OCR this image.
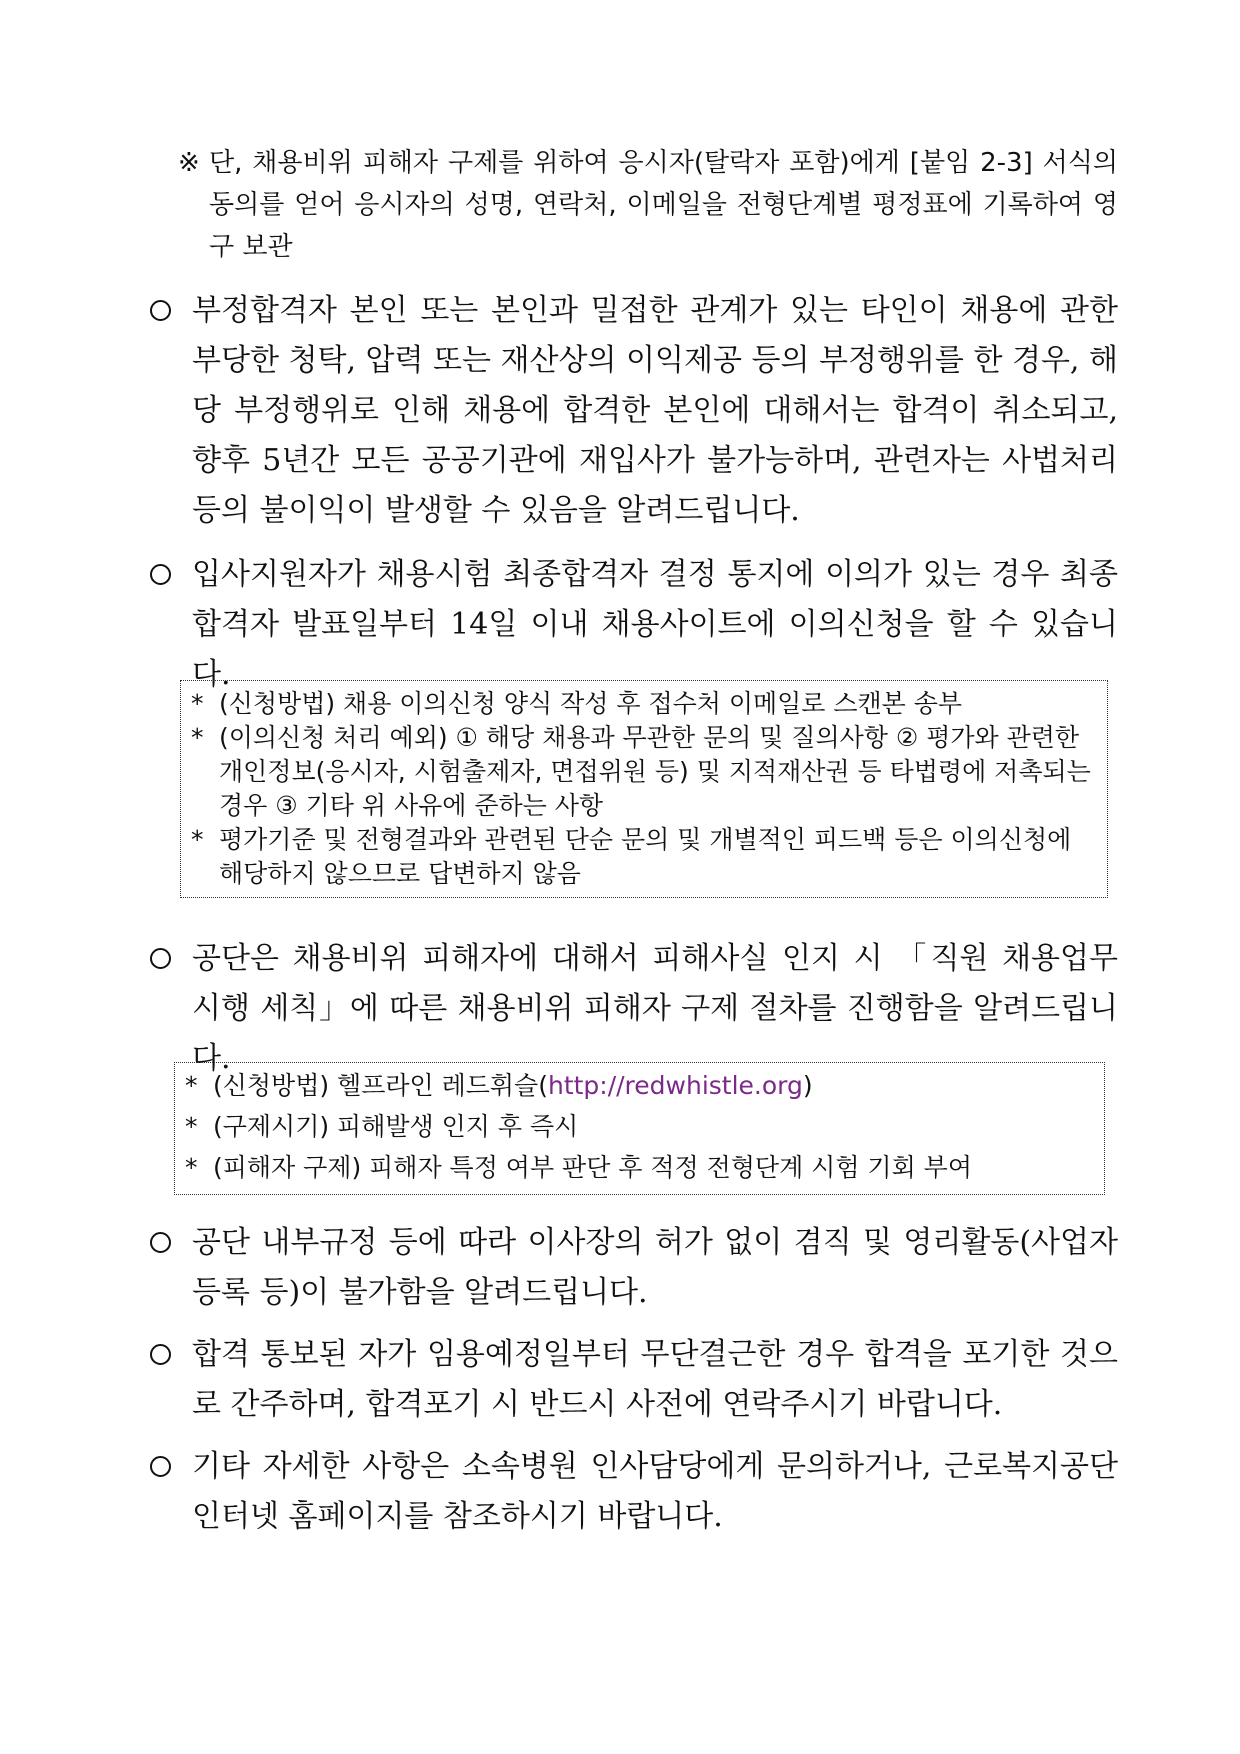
※ 단, 채용비위 피해자 구제를 위하여 응시자(탈락자 포함)에게 [붙임 2-3] 서식의 동의를 얻어 응시자의 성명, 연락처, 이메일을 전형단계별 평정표에 기록하여 영구 보관

부정합격자 본인 또는 본인과 밀접한 관계가 있는 타인이 채용에 관한 부당한 청탁, 압력 또는 재산상의 이익제공 등의 부정행위를 한 경우, 해당 부정행위로 인해 채용에 합격한 본인에 대해서는 합격이 취소되고, 향후 5년간 모든 공공기관에 재입사가 불가능하며, 관련자는 사법처리 등의 불이익이 발생할 수 있음을 알려드립니다.

입사지원자가 채용시험 최종합격자 결정 통지에 이의가 있는 경우 최종 합격자 발표일부터 14일 이내 채용사이트에 이의신청을 할 수 있습니다.

* (신청방법) 채용 이의신청 양식 작성 후 접수처 이메일로 스캔본 송부
* (이의신청 처리 예외) ① 해당 채용과 무관한 문의 및 질의사항 ② 평가와 관련한 개인정보(응시자, 시험출제자, 면접위원 등) 및 지적재산권 등 타법령에 저촉되는 경우 ③ 기타 위 사유에 준하는 사항
* 평가기준 및 전형결과와 관련된 단순 문의 및 개별적인 피드백 등은 이의신청에 해당하지 않으므로 답변하지 않음

공단은 채용비위 피해자에 대해서 피해사실 인지 시 「직원 채용업무 시행 세칙」에 따른 채용비위 피해자 구제 절차를 진행함을 알려드립니다.

* (신청방법) 헬프라인 레드휘슬(http://redwhistle.org)
* (구제시기) 피해발생 인지 후 즉시
* (피해자 구제) 피해자 특정 여부 판단 후 적정 전형단계 시험 기회 부여

공단 내부규정 등에 따라 이사장의 허가 없이 겸직 및 영리활동(사업자 등록 등)이 불가함을 알려드립니다.

합격 통보된 자가 임용예정일부터 무단결근한 경우 합격을 포기한 것으로 간주하며, 합격포기 시 반드시 사전에 연락주시기 바랍니다.

기타 자세한 사항은 소속병원 인사담당에게 문의하거나, 근로복지공단 인터넷 홈페이지를 참조하시기 바랍니다.
